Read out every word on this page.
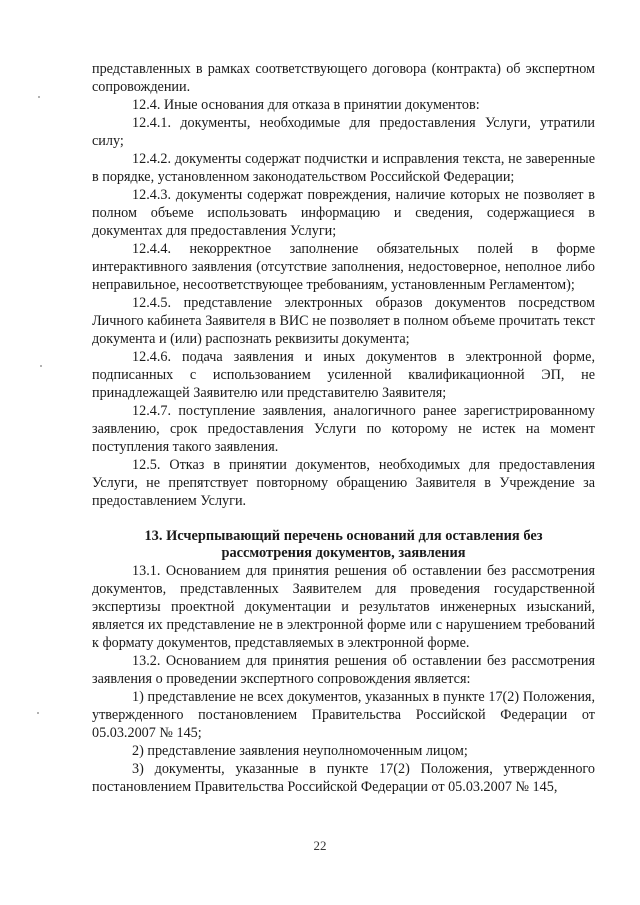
представленных в рамках соответствующего договора (контракта) об экспертном сопровождении.

12.4. Иные основания для отказа в принятии документов:

12.4.1. документы, необходимые для предоставления Услуги, утратили силу;

12.4.2. документы содержат подчистки и исправления текста, не заверенные в порядке, установленном законодательством Российской Федерации;

12.4.3. документы содержат повреждения, наличие которых не позволяет в полном объеме использовать информацию и сведения, содержащиеся в документах для предоставления Услуги;

12.4.4. некорректное заполнение обязательных полей в форме интерактивного заявления (отсутствие заполнения, недостоверное, неполное либо неправильное, несоответствующее требованиям, установленным Регламентом);

12.4.5. представление электронных образов документов посредством Личного кабинета Заявителя в ВИС не позволяет в полном объеме прочитать текст документа и (или) распознать реквизиты документа;

12.4.6. подача заявления и иных документов в электронной форме, подписанных с использованием усиленной квалификационной ЭП, не принадлежащей Заявителю или представителю Заявителя;

12.4.7. поступление заявления, аналогичного ранее зарегистрированному заявлению, срок предоставления Услуги по которому не истек на момент поступления такого заявления.

12.5. Отказ в принятии документов, необходимых для предоставления Услуги, не препятствует повторному обращению Заявителя в Учреждение за предоставлением Услуги.

13. Исчерпывающий перечень оснований для оставления без
рассмотрения документов, заявления

13.1. Основанием для принятия решения об оставлении без рассмотрения документов, представленных Заявителем для проведения государственной экспертизы проектной документации и результатов инженерных изысканий, является их представление не в электронной форме или с нарушением требований к формату документов, представляемых в электронной форме.

13.2. Основанием для принятия решения об оставлении без рассмотрения заявления о проведении экспертного сопровождения является:

1) представление не всех документов, указанных в пункте 17(2) Положения, утвержденного постановлением Правительства Российской Федерации от 05.03.2007 № 145;

2) представление заявления неуполномоченным лицом;

3) документы, указанные в пункте 17(2) Положения, утвержденного постановлением Правительства Российской Федерации от 05.03.2007 № 145,

22
